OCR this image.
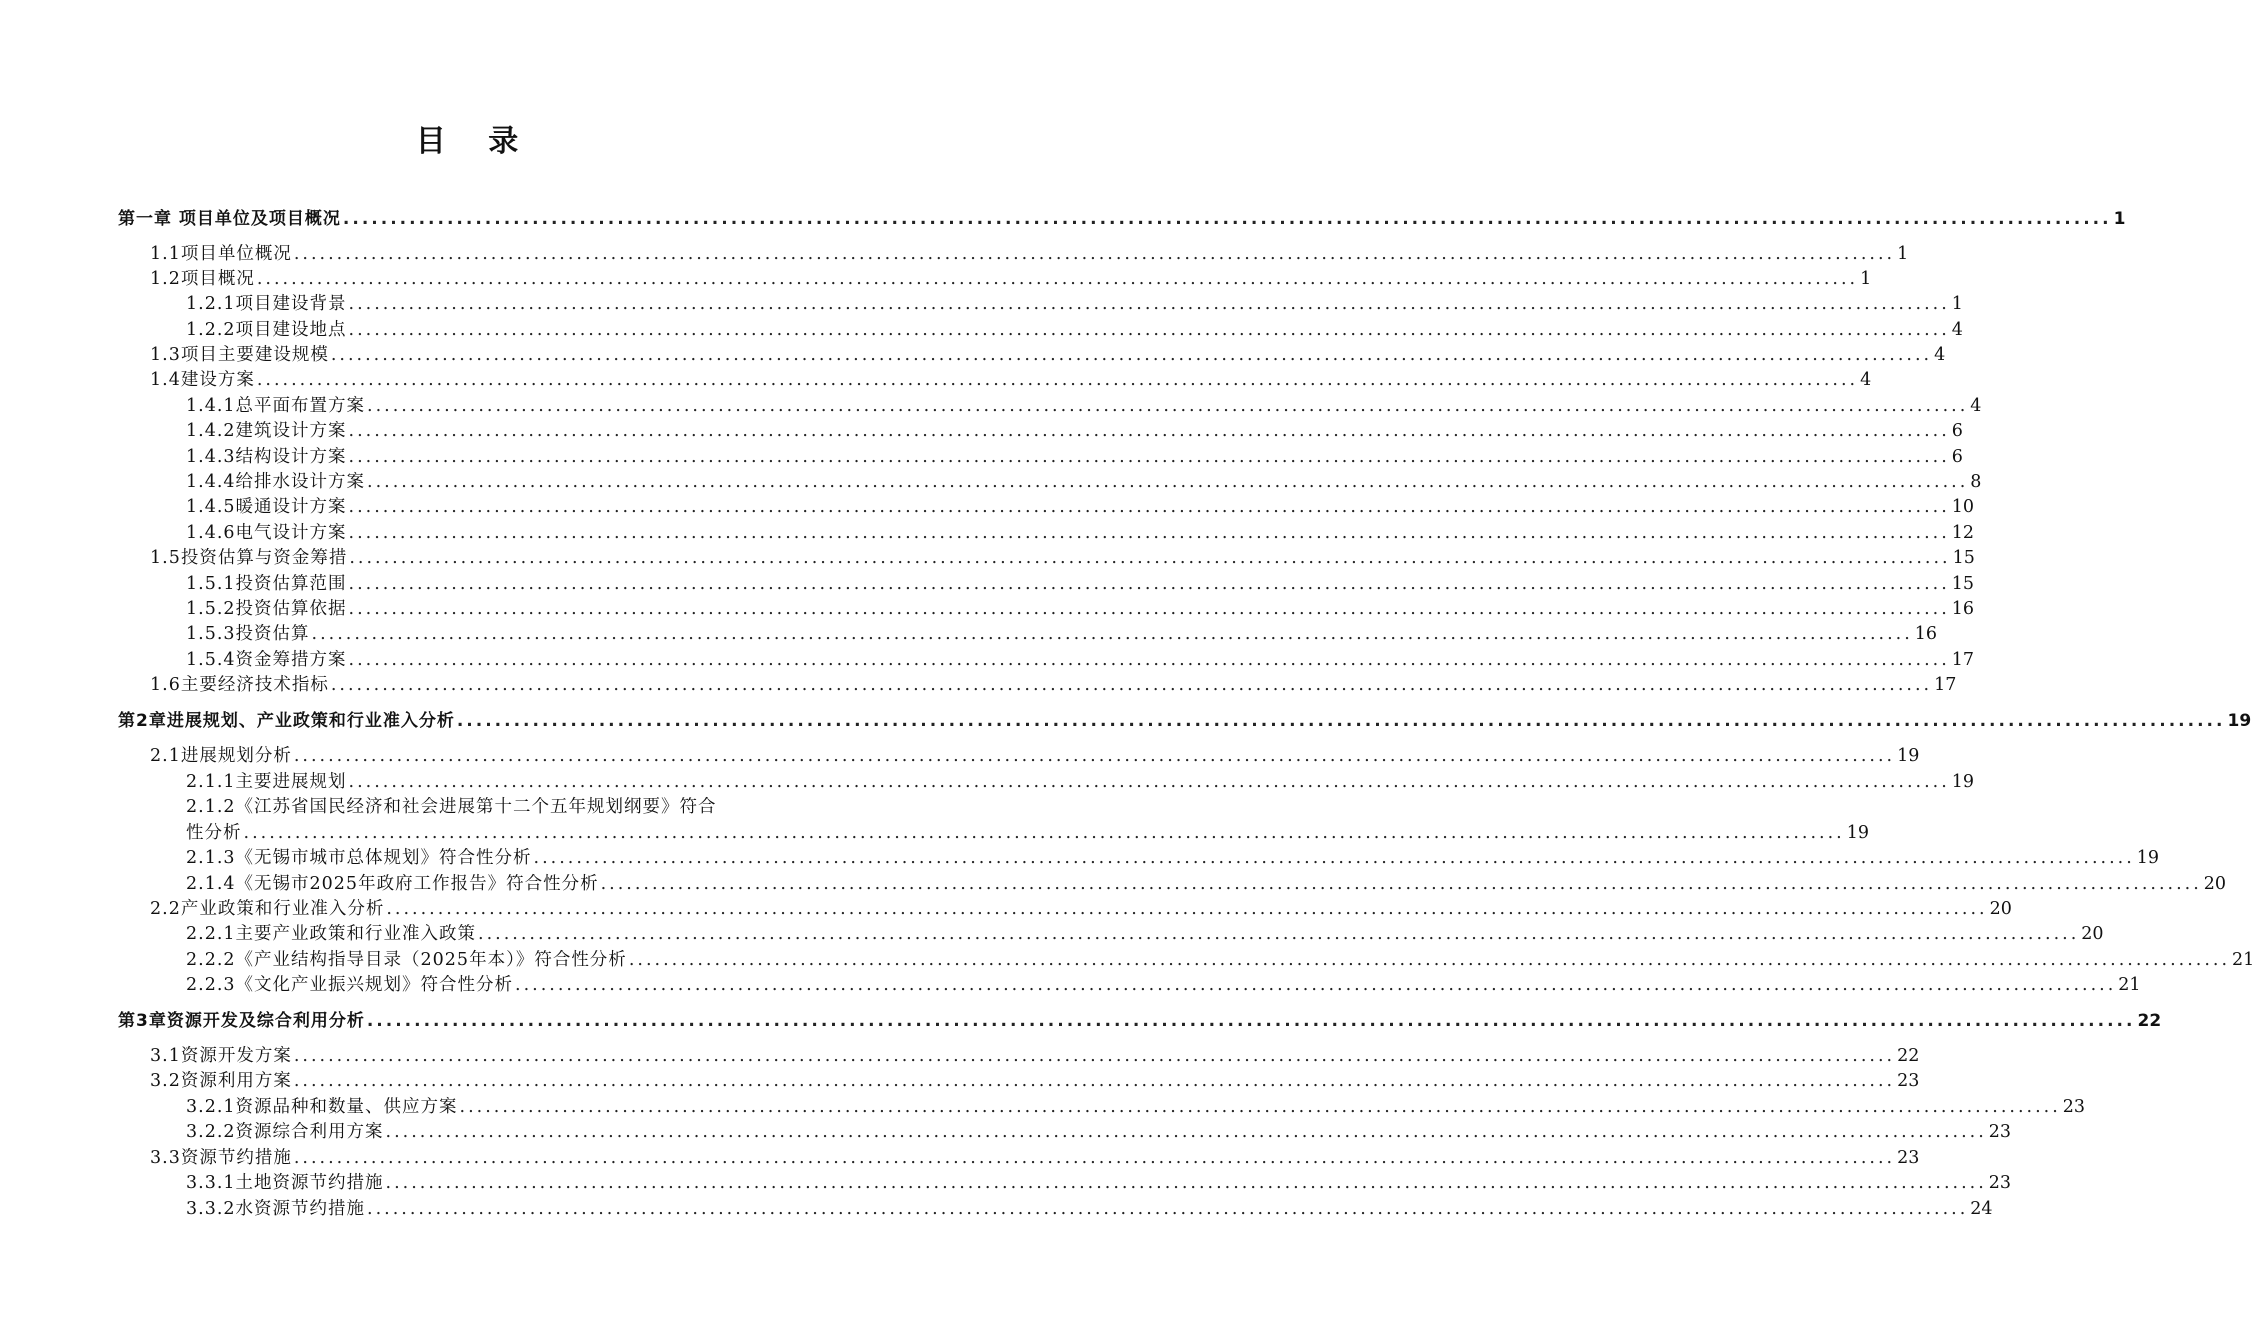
目 录
第一章 项目单位及项目概况 ........................................................................................................................................................................................... 1
1.1项目单位概况 ........................................................................................................................................................................................... 1
1.2项目概况 ........................................................................................................................................................................................... 1
1.2.1项目建设背景 ........................................................................................................................................................................................... 1
1.2.2项目建设地点 ........................................................................................................................................................................................... 4
1.3项目主要建设规模 ........................................................................................................................................................................................... 4
1.4建设方案 ........................................................................................................................................................................................... 4
1.4.1总平面布置方案 ........................................................................................................................................................................................... 4
1.4.2建筑设计方案 ........................................................................................................................................................................................... 6
1.4.3结构设计方案 ........................................................................................................................................................................................... 6
1.4.4给排水设计方案 ........................................................................................................................................................................................... 8
1.4.5暖通设计方案 ........................................................................................................................................................................................... 10
1.4.6电气设计方案 ........................................................................................................................................................................................... 12
1.5投资估算与资金筹措 ........................................................................................................................................................................................... 15
1.5.1投资估算范围 ........................................................................................................................................................................................... 15
1.5.2投资估算依据 ........................................................................................................................................................................................... 16
1.5.3投资估算 ........................................................................................................................................................................................... 16
1.5.4资金筹措方案 ........................................................................................................................................................................................... 17
1.6主要经济技术指标 ........................................................................................................................................................................................... 17
第2章进展规划、产业政策和行业准入分析 ........................................................................................................................................................................................... 19
2.1进展规划分析 ........................................................................................................................................................................................... 19
2.1.1主要进展规划 ........................................................................................................................................................................................... 19
2.1.2《江苏省国民经济和社会进展第十二个五年规划纲要》符合
性分析 ........................................................................................................................................................................................... 19
2.1.3《无锡市城市总体规划》符合性分析 ........................................................................................................................................................................................... 19
2.1.4《无锡市2025年政府工作报告》符合性分析 ........................................................................................................................................................................................... 20
2.2产业政策和行业准入分析 ........................................................................................................................................................................................... 20
2.2.1主要产业政策和行业准入政策 ........................................................................................................................................................................................... 20
2.2.2《产业结构指导目录（2025年本）》符合性分析 ........................................................................................................................................................................................... 21
2.2.3《文化产业振兴规划》符合性分析 ........................................................................................................................................................................................... 21
第3章资源开发及综合利用分析 ........................................................................................................................................................................................... 22
3.1资源开发方案 ........................................................................................................................................................................................... 22
3.2资源利用方案 ........................................................................................................................................................................................... 23
3.2.1资源品种和数量、供应方案 ........................................................................................................................................................................................... 23
3.2.2资源综合利用方案 ........................................................................................................................................................................................... 23
3.3资源节约措施 ........................................................................................................................................................................................... 23
3.3.1土地资源节约措施 ........................................................................................................................................................................................... 23
3.3.2水资源节约措施 ........................................................................................................................................................................................... 24
